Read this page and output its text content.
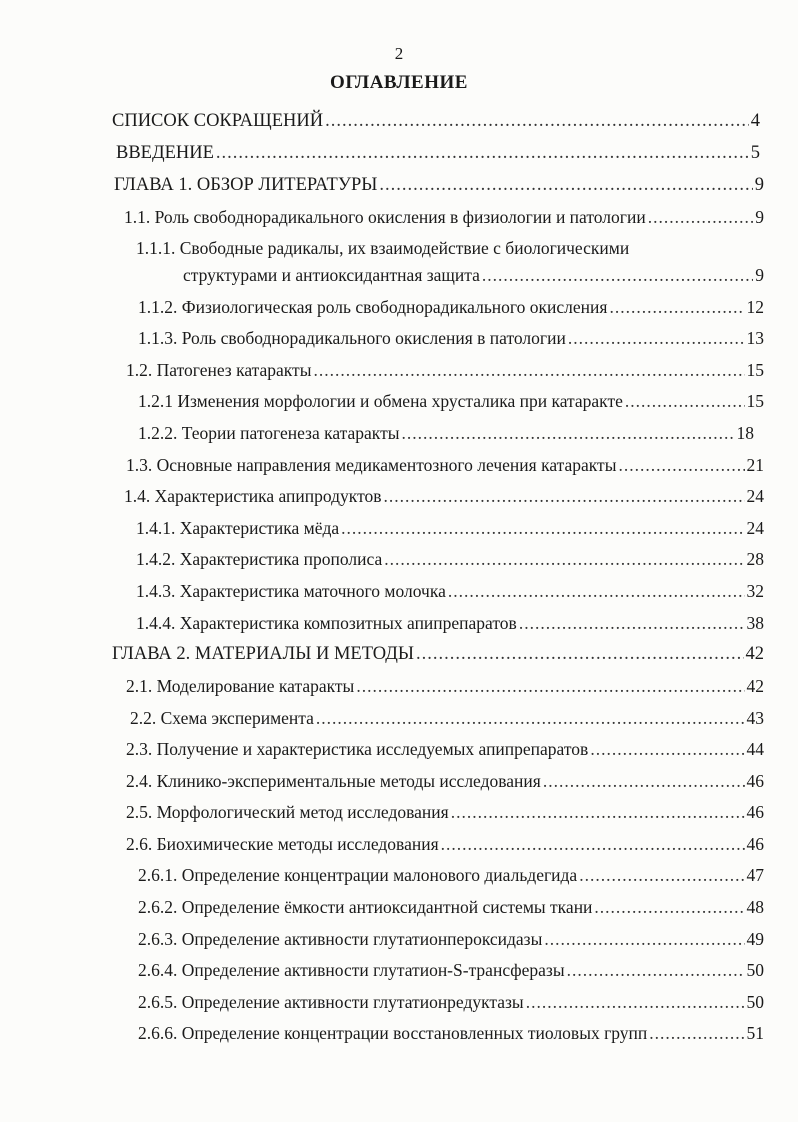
2
ОГЛАВЛЕНИЕ
СПИСОК СОКРАЩЕНИЙ .....	4
ВВЕДЕНИЕ .....	5
ГЛАВА 1. ОБЗОР ЛИТЕРАТУРЫ .....	9
1.1. Роль свободнорадикального окисления в физиологии и патологии .....	9
1.1.1. Свободные радикалы, их взаимодействие с биологическими
структурами и антиоксидантная защита .....	9
1.1.2. Физиологическая роль свободнорадикального окисления .....	12
1.1.3. Роль свободнорадикального окисления в патологии .....	13
1.2. Патогенез катаракты .....	15
1.2.1 Изменения морфологии и обмена хрусталика при катаракте .....	15
1.2.2. Теории патогенеза катаракты .....	18
1.3. Основные направления медикаментозного лечения катаракты .....	21
1.4. Характеристика апипродуктов .....	24
1.4.1. Характеристика мёда .....	24
1.4.2. Характеристика прополиса .....	28
1.4.3. Характеристика маточного молочка .....	32
1.4.4. Характеристика композитных апипрепаратов .....	38
ГЛАВА 2. МАТЕРИАЛЫ И МЕТОДЫ .....	42
2.1. Моделирование катаракты .....	42
2.2. Схема эксперимента .....	43
2.3. Получение и характеристика исследуемых апипрепаратов .....	44
2.4. Клинико-экспериментальные методы исследования .....	46
2.5. Морфологический метод исследования .....	46
2.6. Биохимические методы исследования .....	46
2.6.1. Определение концентрации малонового диальдегида .....	47
2.6.2. Определение ёмкости антиоксидантной системы ткани .....	48
2.6.3. Определение активности глутатионпероксидазы .....	49
2.6.4. Определение активности глутатион-S-трансферазы .....	50
2.6.5. Определение активности глутатионредуктазы .....	50
2.6.6. Определение концентрации восстановленных тиоловых групп .....	51
